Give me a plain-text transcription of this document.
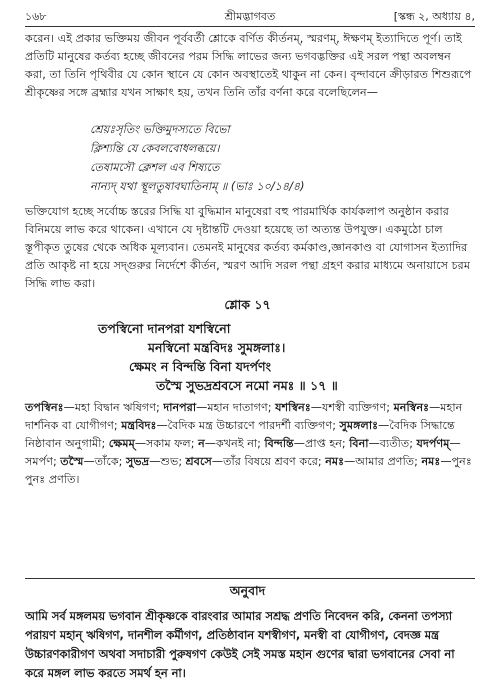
১৬৮	শ্রীমদ্ভাগবত	[স্কন্ধ ২, অধ্যায় ৪,
করেন। এই প্রকার ভক্তিময় জীবন পূর্ববর্তী শ্লোকে বর্ণিত কীর্তনম্, স্মরণম্, ঈক্ষণম্ ইত্যাদিতে পূর্ণ। তাই প্রতিটি মানুষের কর্তব্য হচ্ছে জীবনের পরম সিদ্ধি লাভের জন্য ভগবদ্ভক্তির এই সরল পন্থা অবলম্বন করা, তা তিনি পৃথিবীর যে কোন স্থানে যে কোন অবস্থাতেই থাকুন না কেন। বৃন্দাবনে ক্রীড়ারত শিশুরূপে শ্রীকৃষ্ণের সঙ্গে ব্রহ্মার যখন সাক্ষাৎ হয়, তখন তিনি তাঁর বর্ণনা করে বলেছিলেন—
শ্রেয়ঃসৃতিং ভক্তিমুদস্যতে বিভো
ক্লিশ্যন্তি যে কেবলবোধলব্ধয়ে।
তেষামসৌ ক্লেশল এব শিষ্যতে
নান্যদ্ যথা স্থূলতুষাবঘাতিনাম্ ॥ (ভাঃ ১০/১৪/৪)
ভক্তিযোগ হচ্ছে সর্বোচ্চ স্তরের সিদ্ধি যা বুদ্ধিমান মানুষেরা বহু পারমার্থিক কার্যকলাপ অনুষ্ঠান করার বিনিময়ে লাভ করে থাকেন। এখানে যে দৃষ্টান্তটি দেওয়া হয়েছে তা অত্যন্ত উপযুক্ত। একমুঠো চাল স্তূপীকৃত তুষের থেকে অধিক মূল্যবান। তেমনই মানুষের কর্তব্য কর্মকাণ্ড,জ্ঞানকাণ্ড বা যোগাসন ইত্যাদির প্রতি আকৃষ্ট না হয়ে সদ্গুরুর নির্দেশে কীর্তন, স্মরণ আদি সরল পন্থা গ্রহণ করার মাধ্যমে অনায়াসে চরম সিদ্ধি লাভ করা।
শ্লোক ১৭
তপস্বিনো দানপরা যশস্বিনো
মনস্বিনো মন্ত্রবিদঃ সুমঙ্গলাঃ।
ক্ষেমং ন বিন্দন্তি বিনা যদর্পণং
তস্মৈ সুভদ্রশ্রবসে নমো নমঃ ॥ ১৭ ॥
তপস্বিনঃ—মহা বিদ্বান ঋষিগণ; দানপরা—মহান দাতাগণ; যশস্বিনঃ—যশস্বী ব্যক্তিগণ; মনস্বিনঃ—মহান দার্শনিক বা যোগীগণ; মন্ত্রবিদঃ—বৈদিক মন্ত্র উচ্চারণে পারদর্শী ব্যক্তিগণ; সুমঙ্গলাঃ—বৈদিক সিদ্ধান্তে নিষ্ঠাবান অনুগামী; ক্ষেমম্—সকাম ফল; ন—কখনই না; বিন্দন্তি—প্রাপ্ত হন; বিনা—ব্যতীত; যদর্পণম্—সমর্পণ; তস্মৈ—তাঁকে; সুভদ্র—শুভ; শ্রবসে—তাঁর বিষয়ে শ্রবণ করে; নমঃ—আমার প্রণতি; নমঃ—পুনঃ পুনঃ প্রণতি।
অনুবাদ
আমি সর্ব মঙ্গলময় ভগবান শ্রীকৃষ্ণকে বারংবার আমার সশ্রদ্ধ প্রণতি নিবেদন করি, কেননা তপস্যা পরায়ণ মহান্ ঋষিগণ, দানশীল কর্মীগণ, প্রতিষ্ঠাবান যশস্বীগণ, মনস্বী বা যোগীগণ, বেদজ্ঞ মন্ত্র উচ্চারণকারীগণ অথবা সদাচারী পুরুষগণ কেউই সেই সমস্ত মহান গুণের দ্বারা ভগবানের সেবা না করে মঙ্গল লাভ করতে সমর্থ হন না।
